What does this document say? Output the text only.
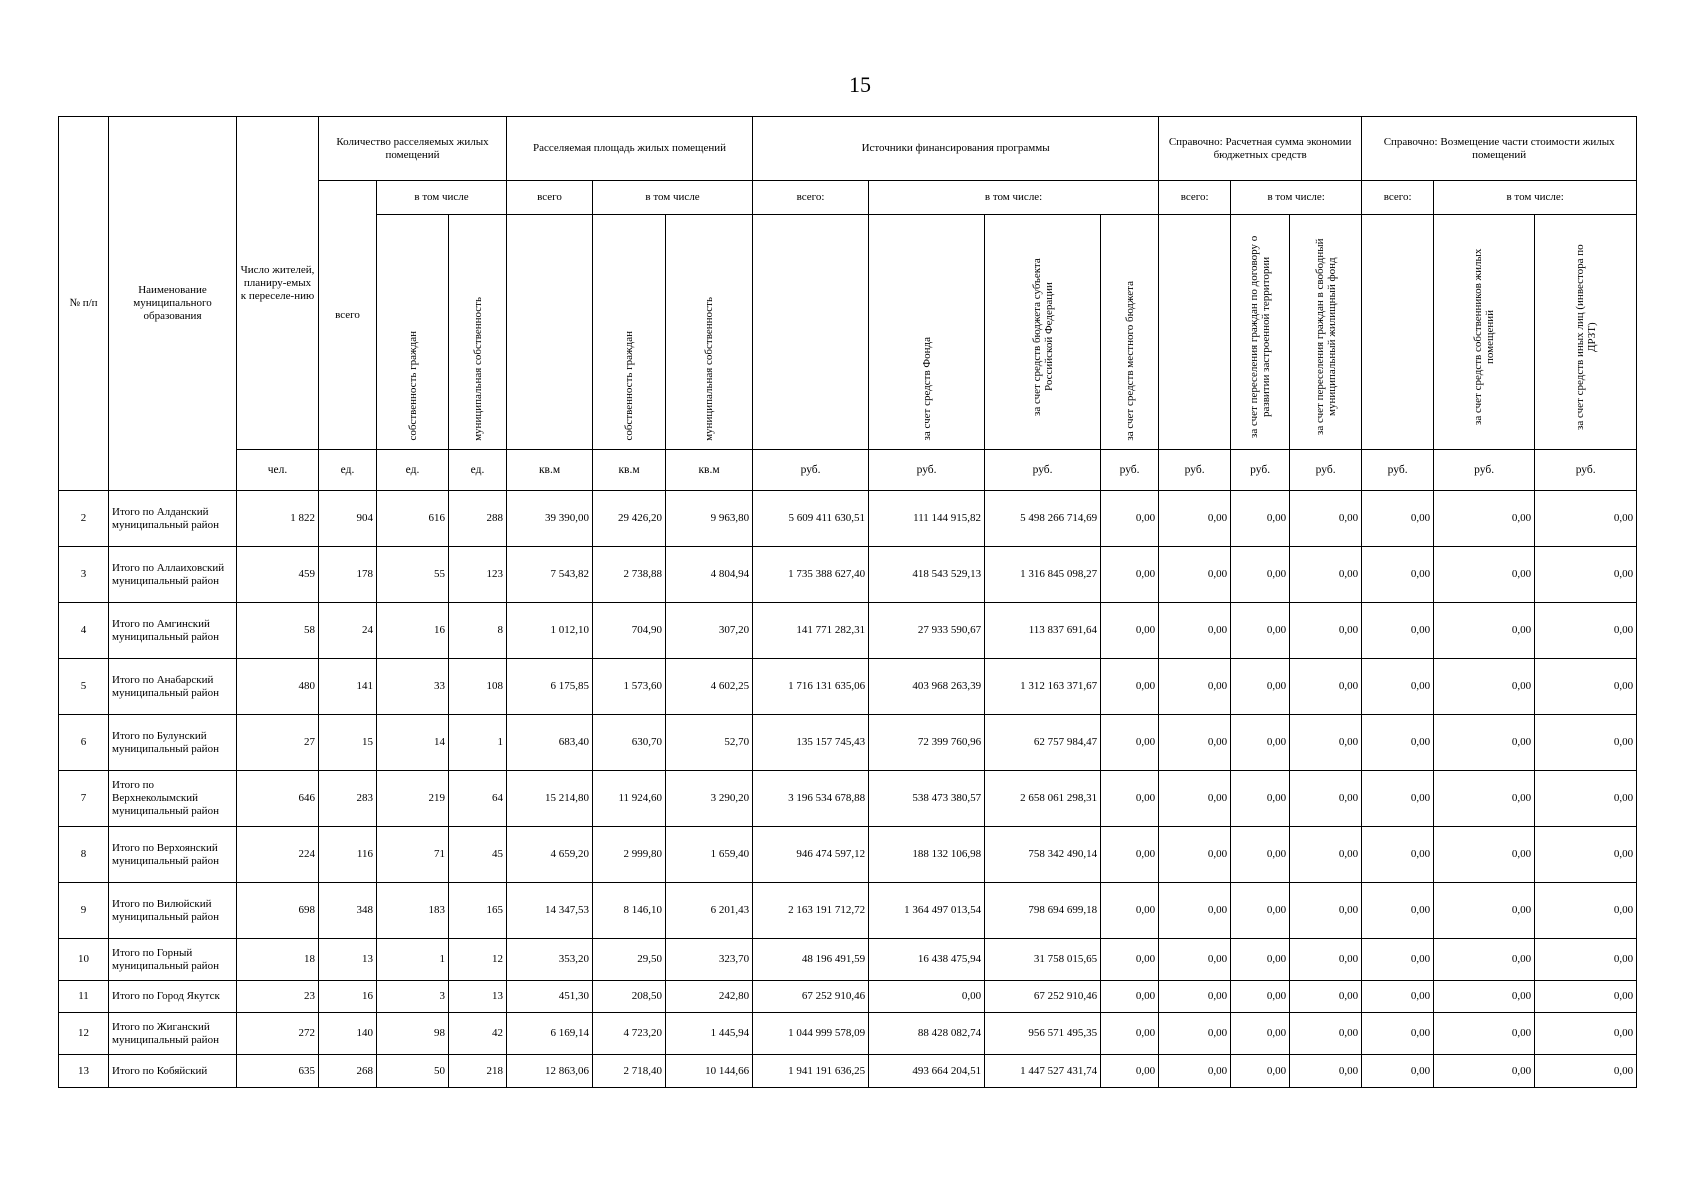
15
№ п/п	Наименование муниципального образования	Число жителей, планиру-емых к переселе-нию	Количество расселяемых жилых помещений			Расселяемая площадь жилых помещений			Источники финансирования программы				Справочно: Расчетная сумма экономии бюджетных средств			Справочно: Возмещение части стоимости жилых помещений		
			всего	в том числе		всего	в том числе		всего:	в том числе:			всего:	в том числе:		всего:	в том числе:	
				собственность граждан	муниципальная собственность		собственность граждан	муниципальная собственность		за счет средств Фонда	за счет средств бюджета субъекта Российской Федерации	за счет средств местного бюджета		за счет переселения граждан по договору о развитии застроенной территории	за счет переселения граждан в свободный муниципальный жилищный фонд		за счет средств собственников жилых помещений	за счет средств иных лиц (инвестора по ДРЗТ)
		чел.	ед.	ед.	ед.	кв.м	кв.м	кв.м	руб.	руб.	руб.	руб.	руб.	руб.	руб.	руб.	руб.	руб.
2	Итого по Алданский муниципальный район	1 822	904	616	288	39 390,00	29 426,20	9 963,80	5 609 411 630,51	111 144 915,82	5 498 266 714,69	0,00	0,00	0,00	0,00	0,00	0,00	0,00
3	Итого по Аллаиховский муниципальный район	459	178	55	123	7 543,82	2 738,88	4 804,94	1 735 388 627,40	418 543 529,13	1 316 845 098,27	0,00	0,00	0,00	0,00	0,00	0,00	0,00
4	Итого по Амгинский муниципальный район	58	24	16	8	1 012,10	704,90	307,20	141 771 282,31	27 933 590,67	113 837 691,64	0,00	0,00	0,00	0,00	0,00	0,00	0,00
5	Итого по Анабарский муниципальный район	480	141	33	108	6 175,85	1 573,60	4 602,25	1 716 131 635,06	403 968 263,39	1 312 163 371,67	0,00	0,00	0,00	0,00	0,00	0,00	0,00
6	Итого по Булунский муниципальный район	27	15	14	1	683,40	630,70	52,70	135 157 745,43	72 399 760,96	62 757 984,47	0,00	0,00	0,00	0,00	0,00	0,00	0,00
7	Итого по Верхнеколымский муниципальный район	646	283	219	64	15 214,80	11 924,60	3 290,20	3 196 534 678,88	538 473 380,57	2 658 061 298,31	0,00	0,00	0,00	0,00	0,00	0,00	0,00
8	Итого по Верхоянский муниципальный район	224	116	71	45	4 659,20	2 999,80	1 659,40	946 474 597,12	188 132 106,98	758 342 490,14	0,00	0,00	0,00	0,00	0,00	0,00	0,00
9	Итого по Вилюйский муниципальный район	698	348	183	165	14 347,53	8 146,10	6 201,43	2 163 191 712,72	1 364 497 013,54	798 694 699,18	0,00	0,00	0,00	0,00	0,00	0,00	0,00
10	Итого по Горный муниципальный район	18	13	1	12	353,20	29,50	323,70	48 196 491,59	16 438 475,94	31 758 015,65	0,00	0,00	0,00	0,00	0,00	0,00	0,00
11	Итого по Город Якутск	23	16	3	13	451,30	208,50	242,80	67 252 910,46	0,00	67 252 910,46	0,00	0,00	0,00	0,00	0,00	0,00	0,00
12	Итого по Жиганский муниципальный район	272	140	98	42	6 169,14	4 723,20	1 445,94	1 044 999 578,09	88 428 082,74	956 571 495,35	0,00	0,00	0,00	0,00	0,00	0,00	0,00
13	Итого по Кобяйский	635	268	50	218	12 863,06	2 718,40	10 144,66	1 941 191 636,25	493 664 204,51	1 447 527 431,74	0,00	0,00	0,00	0,00	0,00	0,00	0,00
